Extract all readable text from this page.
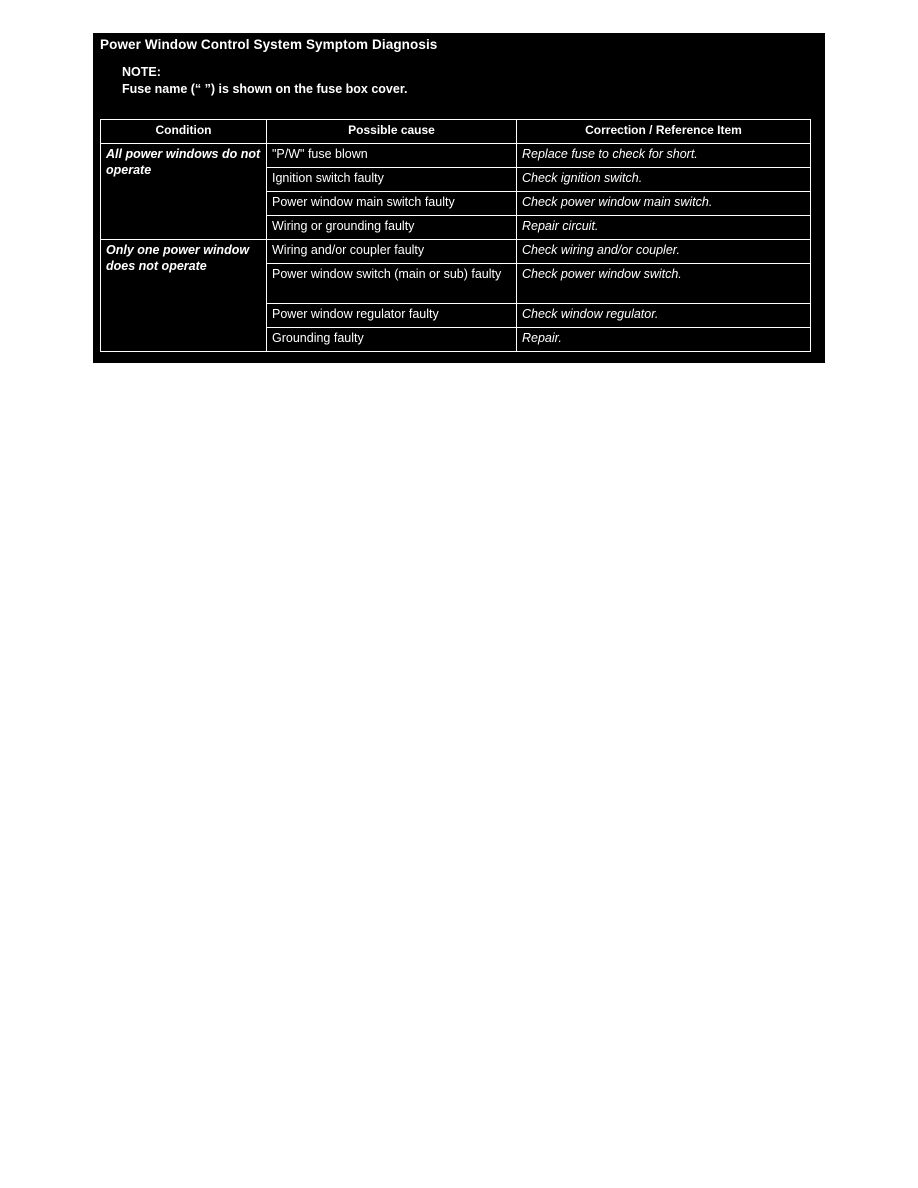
Power Window Control System Symptom Diagnosis
NOTE:
Fuse name (“ ”) is shown on the fuse box cover.
Condition	Possible cause	Correction / Reference Item
All power windows do not operate	"P/W" fuse blown	Replace fuse to check for short.
	Ignition switch faulty	Check ignition switch.
	Power window main switch faulty	Check power window main switch.
	Wiring or grounding faulty	Repair circuit.
Only one power window does not operate	Wiring and/or coupler faulty	Check wiring and/or coupler.
	Power window switch (main or sub) faulty	Check power window switch.
	Power window regulator faulty	Check window regulator.
	Grounding faulty	Repair.
